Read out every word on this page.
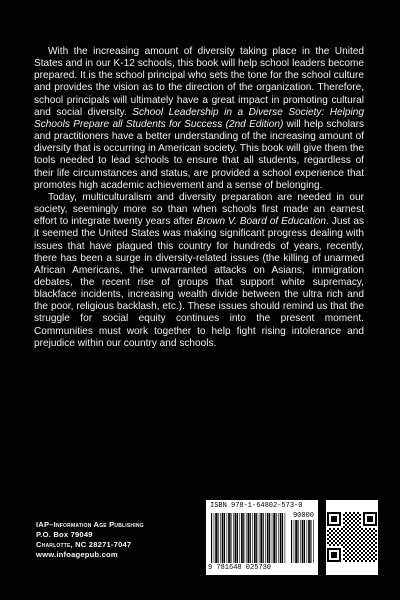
With the increasing amount of diversity taking place in the United States and in our K-12 schools, this book will help school leaders become prepared. It is the school principal who sets the tone for the school culture and provides the vision as to the direction of the organization. Therefore, school principals will ultimately have a great impact in promoting cultural and social diversity. School Leadership in a Diverse Society: Helping Schools Prepare all Students for Success (2nd Edition) will help scholars and practitioners have a better understanding of the increasing amount of diversity that is occurring in American society. This book will give them the tools needed to lead schools to ensure that all students, regardless of their life circumstances and status, are provided a school experience that promotes high academic achievement and a sense of belonging.

Today, multiculturalism and diversity preparation are needed in our society, seemingly more so than when schools first made an earnest effort to integrate twenty years after Brown V. Board of Education. Just as it seemed the United States was making significant progress dealing with issues that have plagued this country for hundreds of years, recently, there has been a surge in diversity-related issues (the killing of unarmed African Americans, the unwarranted attacks on Asians, immigration debates, the recent rise of groups that support white supremacy, blackface incidents, increasing wealth divide between the ultra rich and the poor, religious backlash, etc.). These issues should remind us that the struggle for social equity continues into the present moment. Communities must work together to help fight rising intolerance and prejudice within our country and schools.

IAP–Information Age Publishing
P.O. Box 79049
Charlotte, NC 28271-7047
www.infoagepub.com
ISBN 978-1-64802-573-0
90000
9 781648 025730
